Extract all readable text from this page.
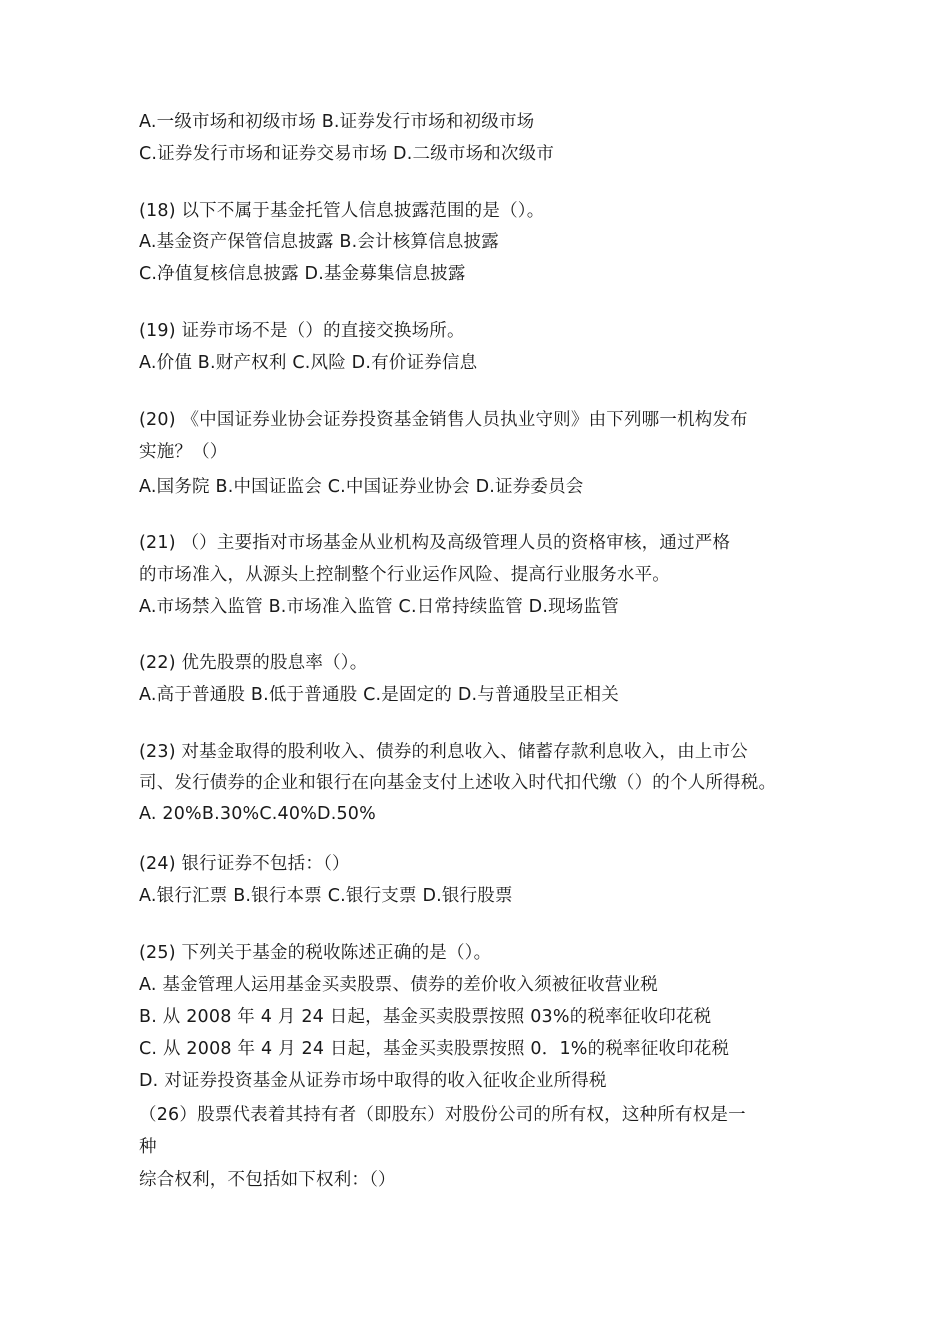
A.一级市场和初级市场 B.证券发行市场和初级市场
C.证券发行市场和证券交易市场 D.二级市场和次级市
(18) 以下不属于基金托管人信息披露范围的是（）。
A.基金资产保管信息披露 B.会计核算信息披露
C.净值复核信息披露 D.基金募集信息披露
(19) 证券市场不是（）的直接交换场所。
A.价值 B.财产权利 C.风险 D.有价证券信息
(20) 《中国证券业协会证券投资基金销售人员执业守则》由下列哪一机构发布
实施？（）
A.国务院 B.中国证监会 C.中国证券业协会 D.证券委员会
(21) （）主要指对市场基金从业机构及高级管理人员的资格审核，通过严格
的市场准入，从源头上控制整个行业运作风险、提高行业服务水平。
A.市场禁入监管 B.市场准入监管 C.日常持续监管 D.现场监管
(22) 优先股票的股息率（）。
A.高于普通股 B.低于普通股 C.是固定的 D.与普通股呈正相关
(23) 对基金取得的股利收入、债券的利息收入、储蓄存款利息收入，由上市公
司、发行债券的企业和银行在向基金支付上述收入时代扣代缴（）的个人所得税。
A. 20%B.30%C.40%D.50%
(24) 银行证券不包括：（）
A.银行汇票 B.银行本票 C.银行支票 D.银行股票
(25) 下列关于基金的税收陈述正确的是（）。
A. 基金管理人运用基金买卖股票、债券的差价收入须被征收营业税
B. 从 2008 年 4 月 24 日起，基金买卖股票按照 03%的税率征收印花税
C. 从 2008 年 4 月 24 日起，基金买卖股票按照 0．1%的税率征收印花税
D. 对证券投资基金从证券市场中取得的收入征收企业所得税
（26）股票代表着其持有者（即股东）对股份公司的所有权，这种所有权是一
种
综合权利，不包括如下权利：（）
